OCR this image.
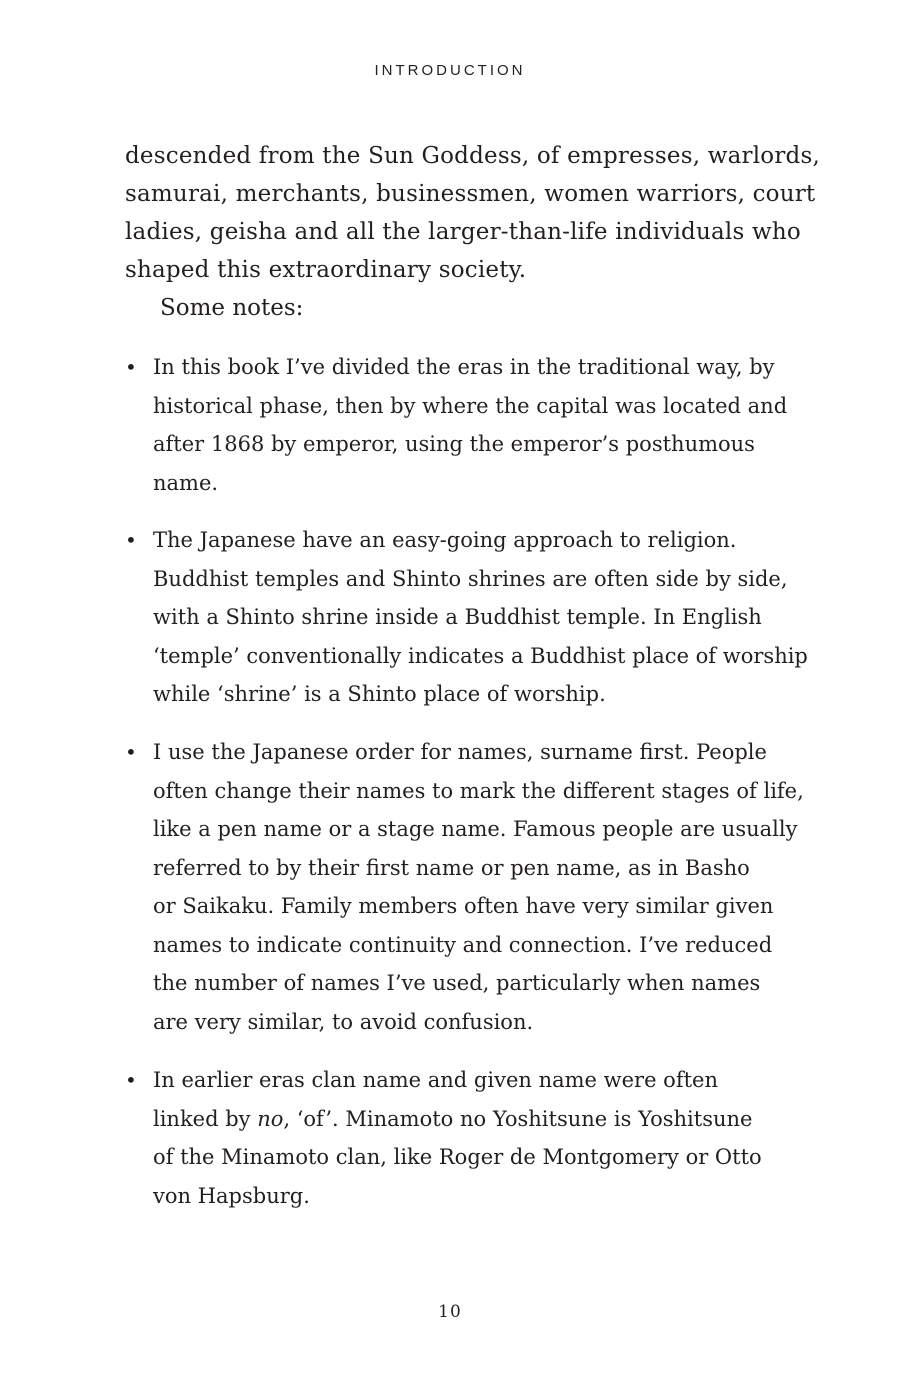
INTRODUCTION

descended from the Sun Goddess, of empresses, warlords,
samurai, merchants, businessmen, women warriors, court
ladies, geisha and all the larger-than-life individuals who
shaped this extraordinary society.

Some notes:

• In this book I’ve divided the eras in the traditional way, by
historical phase, then by where the capital was located and
after 1868 by emperor, using the emperor’s posthumous
name.
• The Japanese have an easy-going approach to religion.
Buddhist temples and Shinto shrines are often side by side,
with a Shinto shrine inside a Buddhist temple. In English
‘temple’ conventionally indicates a Buddhist place of worship
while ‘shrine’ is a Shinto place of worship.
• I use the Japanese order for names, surname first. People
often change their names to mark the different stages of life,
like a pen name or a stage name. Famous people are usually
referred to by their first name or pen name, as in Basho
or Saikaku. Family members often have very similar given
names to indicate continuity and connection. I’ve reduced
the number of names I’ve used, particularly when names
are very similar, to avoid confusion.
• In earlier eras clan name and given name were often
linked by no, ‘of’. Minamoto no Yoshitsune is Yoshitsune
of the Minamoto clan, like Roger de Montgomery or Otto
von Hapsburg.
10
